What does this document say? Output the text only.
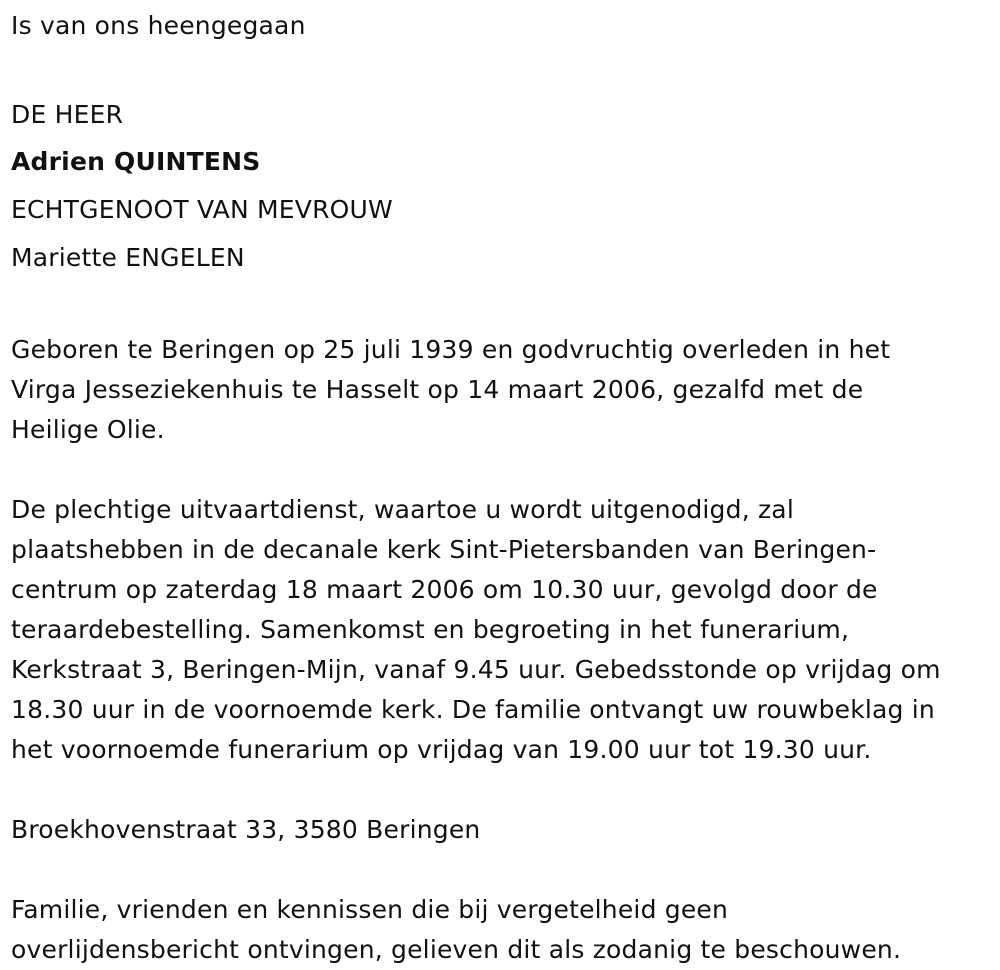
Is van ons heengegaan
DE HEER
Adrien QUINTENS
ECHTGENOOT VAN MEVROUW
Mariette ENGELEN
Geboren te Beringen op 25 juli 1939 en godvruchtig overleden in het
Virga Jesseziekenhuis te Hasselt op 14 maart 2006, gezalfd met de
Heilige Olie.
De plechtige uitvaartdienst, waartoe u wordt uitgenodigd, zal
plaatshebben in de decanale kerk Sint-Pietersbanden van Beringen-
centrum op zaterdag 18 maart 2006 om 10.30 uur, gevolgd door de
teraardebestelling. Samenkomst en begroeting in het funerarium,
Kerkstraat 3, Beringen-Mijn, vanaf 9.45 uur. Gebedsstonde op vrijdag om
18.30 uur in de voornoemde kerk. De familie ontvangt uw rouwbeklag in
het voornoemde funerarium op vrijdag van 19.00 uur tot 19.30 uur.
Broekhovenstraat 33, 3580 Beringen
Familie, vrienden en kennissen die bij vergetelheid geen
overlijdensbericht ontvingen, gelieven dit als zodanig te beschouwen.
